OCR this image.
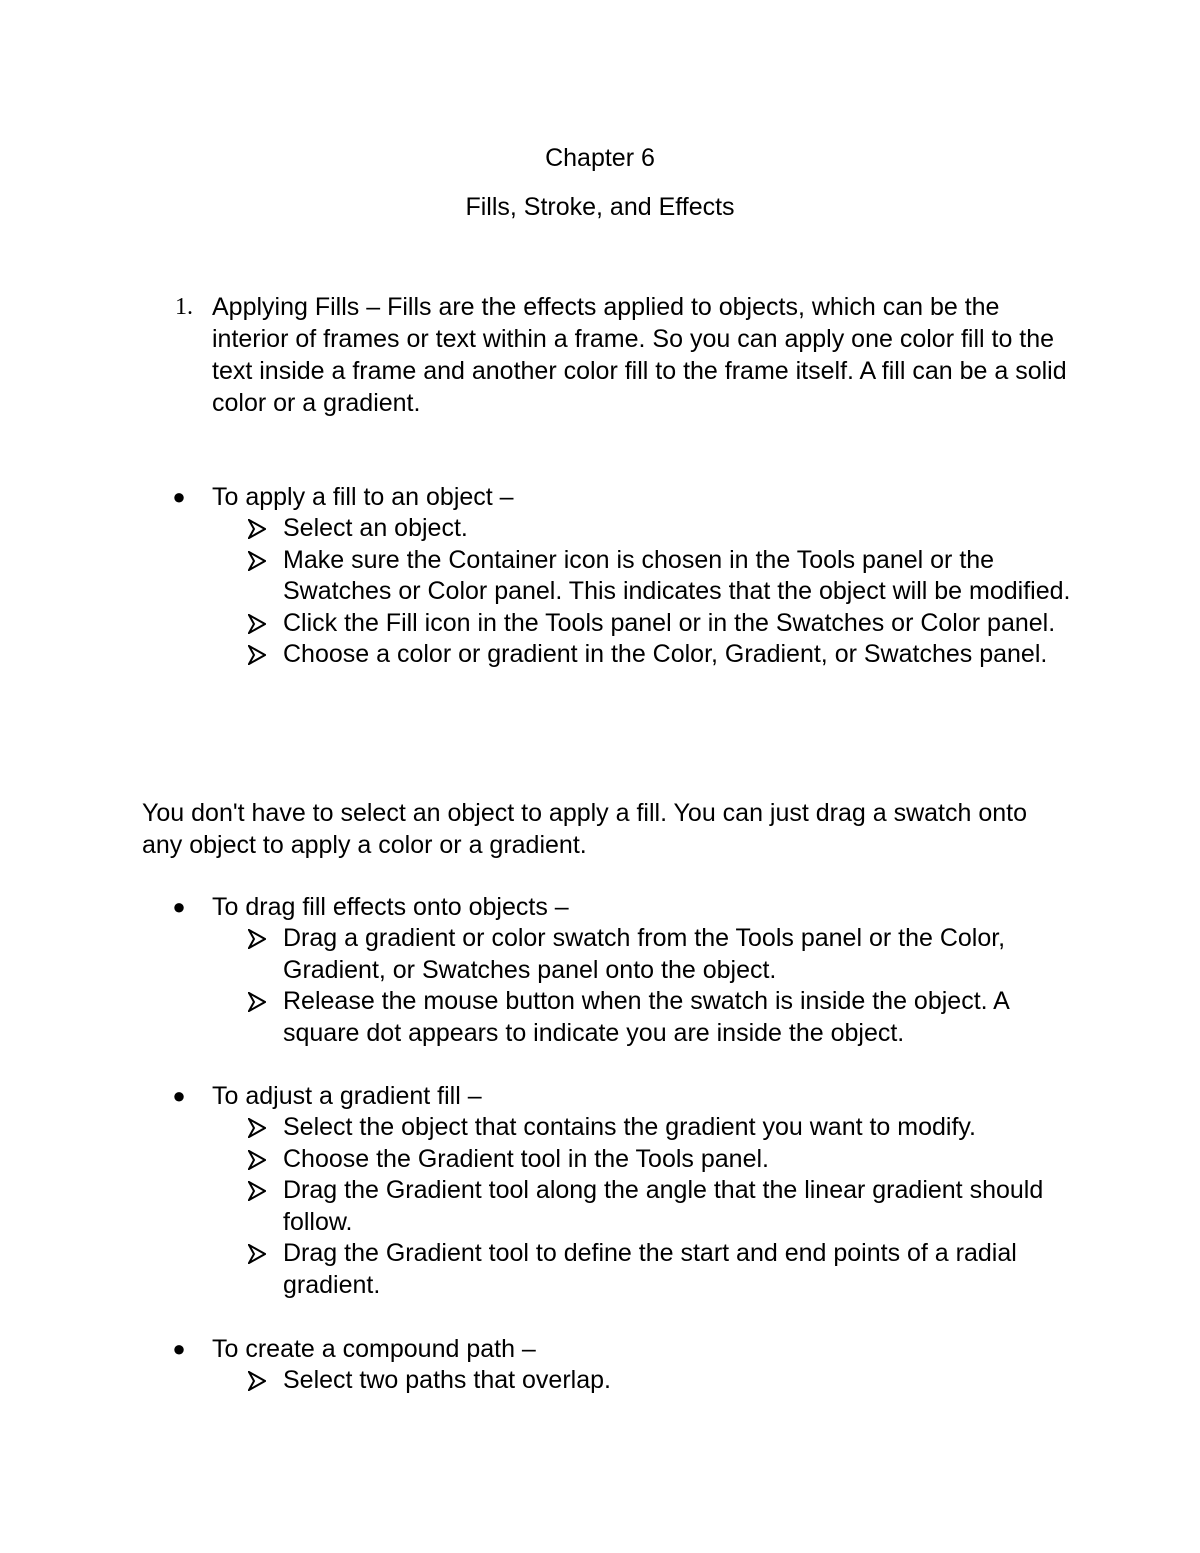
Chapter 6
Fills, Stroke, and Effects
1. Applying Fills – Fills are the effects applied to objects, which can be the interior of frames or text within a frame. So you can apply one color fill to the text inside a frame and another color fill to the frame itself. A fill can be a solid color or a gradient.
● To apply a fill to an object –
Select an object.
Make sure the Container icon is chosen in the Tools panel or the Swatches or Color panel. This indicates that the object will be modified.
Click the Fill icon in the Tools panel or in the Swatches or Color panel.
Choose a color or gradient in the Color, Gradient, or Swatches panel.
You don't have to select an object to apply a fill. You can just drag a swatch onto any object to apply a color or a gradient.
● To drag fill effects onto objects –
Drag a gradient or color swatch from the Tools panel or the Color, Gradient, or Swatches panel onto the object.
Release the mouse button when the swatch is inside the object. A square dot appears to indicate you are inside the object.
● To adjust a gradient fill –
Select the object that contains the gradient you want to modify.
Choose the Gradient tool in the Tools panel.
Drag the Gradient tool along the angle that the linear gradient should follow.
Drag the Gradient tool to define the start and end points of a radial gradient.
● To create a compound path –
Select two paths that overlap.
